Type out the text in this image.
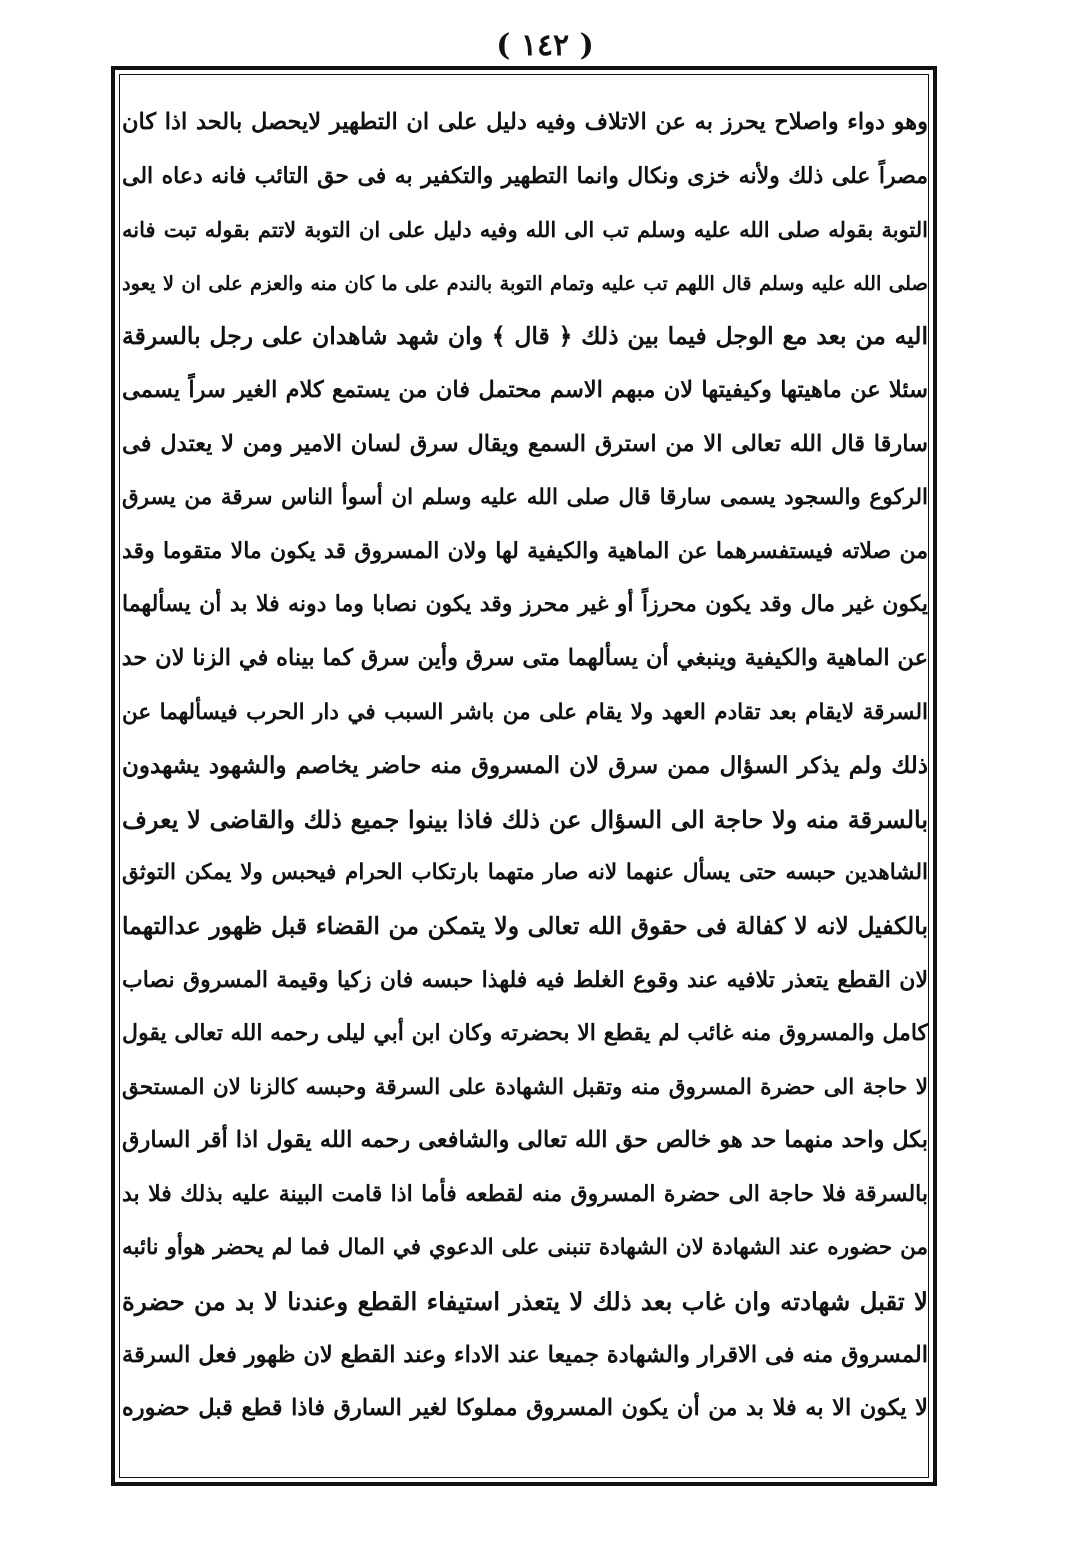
( ١٤٢ )
وهو دواء واصلاح يحرز به عن الاتلاف وفيه دليل على ان التطهير لايحصل بالحد اذا كان
مصراً على ذلك ولأنه خزى ونكال وانما التطهير والتكفير به فى حق التائب فانه دعاه الى
التوبة بقوله صلى الله عليه وسلم تب الى الله وفيه دليل على ان التوبة لاتتم بقوله تبت فانه
صلى الله عليه وسلم قال اللهم تب عليه وتمام التوبة بالندم على ما كان منه والعزم على ان لا يعود
اليه من بعد مع الوجل فيما بين ذلك ﴿ قال ﴾ وان شهد شاهدان على رجل بالسرقة
سئلا عن ماهيتها وكيفيتها لان مبهم الاسم محتمل فان من يستمع كلام الغير سراً يسمى
سارقا قال الله تعالى الا من استرق السمع ويقال سرق لسان الامير ومن لا يعتدل فى
الركوع والسجود يسمى سارقا قال صلى الله عليه وسلم ان أسوأ الناس سرقة من يسرق
من صلاته فيستفسرهما عن الماهية والكيفية لها ولان المسروق قد يكون مالا متقوما وقد
يكون غير مال وقد يكون محرزاً أو غير محرز وقد يكون نصابا وما دونه فلا بد أن يسألهما
عن الماهية والكيفية وينبغي أن يسألهما متى سرق وأين سرق كما بيناه في الزنا لان حد
السرقة لايقام بعد تقادم العهد ولا يقام على من باشر السبب في دار الحرب فيسألهما عن
ذلك ولم يذكر السؤال ممن سرق لان المسروق منه حاضر يخاصم والشهود يشهدون
بالسرقة منه ولا حاجة الى السؤال عن ذلك فاذا بينوا جميع ذلك والقاضى لا يعرف
الشاهدين حبسه حتى يسأل عنهما لانه صار متهما بارتكاب الحرام فيحبس ولا يمكن التوثق
بالكفيل لانه لا كفالة فى حقوق الله تعالى ولا يتمكن من القضاء قبل ظهور عدالتهما
لان القطع يتعذر تلافيه عند وقوع الغلط فيه فلهذا حبسه فان زكيا وقيمة المسروق نصاب
كامل والمسروق منه غائب لم يقطع الا بحضرته وكان ابن أبي ليلى رحمه الله تعالى يقول
لا حاجة الى حضرة المسروق منه وتقبل الشهادة على السرقة وحبسه كالزنا لان المستحق
بكل واحد منهما حد هو خالص حق الله تعالى والشافعى رحمه الله يقول اذا أقر السارق
بالسرقة فلا حاجة الى حضرة المسروق منه لقطعه فأما اذا قامت البينة عليه بذلك فلا بد
من حضوره عند الشهادة لان الشهادة تنبنى على الدعوي في المال فما لم يحضر هوأو نائبه
لا تقبل شهادته وان غاب بعد ذلك لا يتعذر استيفاء القطع وعندنا لا بد من حضرة
المسروق منه فى الاقرار والشهادة جميعا عند الاداء وعند القطع لان ظهور فعل السرقة
لا يكون الا به فلا بد من أن يكون المسروق مملوكا لغير السارق فاذا قطع قبل حضوره
